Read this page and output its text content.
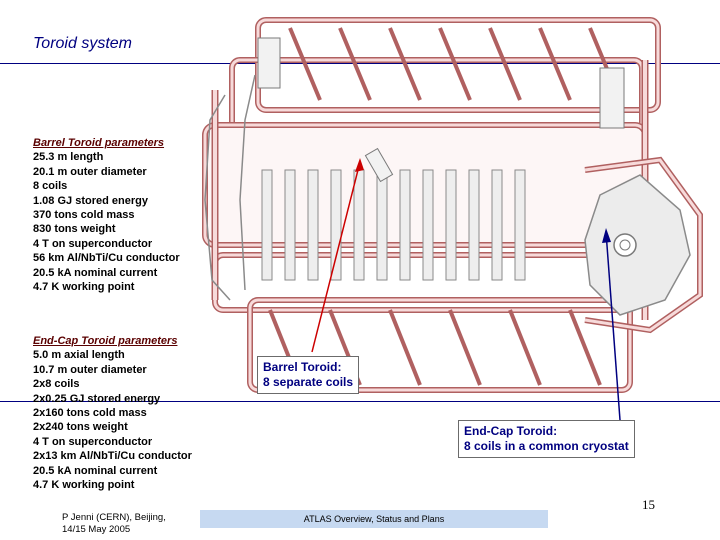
Toroid system
Barrel Toroid parameters
25.3 m length
20.1 m outer diameter
8 coils
1.08 GJ stored energy
370 tons cold mass
830 tons weight
4 T on superconductor
56 km Al/NbTi/Cu conductor
20.5 kA nominal current
4.7 K working point
End-Cap Toroid parameters
5.0 m axial length
10.7 m outer diameter
2x8 coils
2x0.25 GJ stored energy
2x160 tons cold mass
2x240 tons weight
4 T on superconductor
2x13 km Al/NbTi/Cu conductor
20.5 kA nominal current
4.7 K working point
Barrel Toroid:
8 separate coils
End-Cap Toroid:
8 coils in a common cryostat
15
P Jenni (CERN), Beijing,
14/15 May 2005
ATLAS Overview, Status and Plans
